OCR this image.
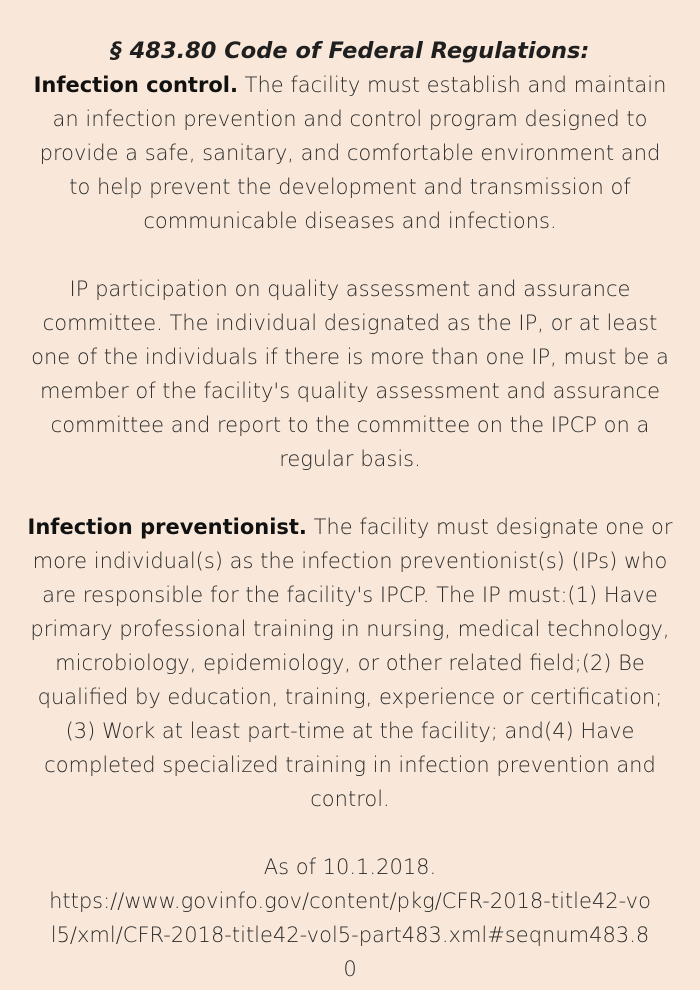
§ 483.80 Code of Federal Regulations:

Infection control. The facility must establish and maintain an infection prevention and control program designed to provide a safe, sanitary, and comfortable environment and to help prevent the development and transmission of communicable diseases and infections.

IP participation on quality assessment and assurance committee. The individual designated as the IP, or at least one of the individuals if there is more than one IP, must be a member of the facility's quality assessment and assurance committee and report to the committee on the IPCP on a regular basis.

Infection preventionist. The facility must designate one or more individual(s) as the infection preventionist(s) (IPs) who are responsible for the facility's IPCP. The IP must:(1) Have primary professional training in nursing, medical technology, microbiology, epidemiology, or other related field;(2) Be qualified by education, training, experience or certification;(3) Work at least part-time at the facility; and(4) Have completed specialized training in infection prevention and control.

As of 10.1.2018.

https://www.govinfo.gov/content/pkg/CFR-2018-title42-vol5/xml/CFR-2018-title42-vol5-part483.xml#seqnum483.80
